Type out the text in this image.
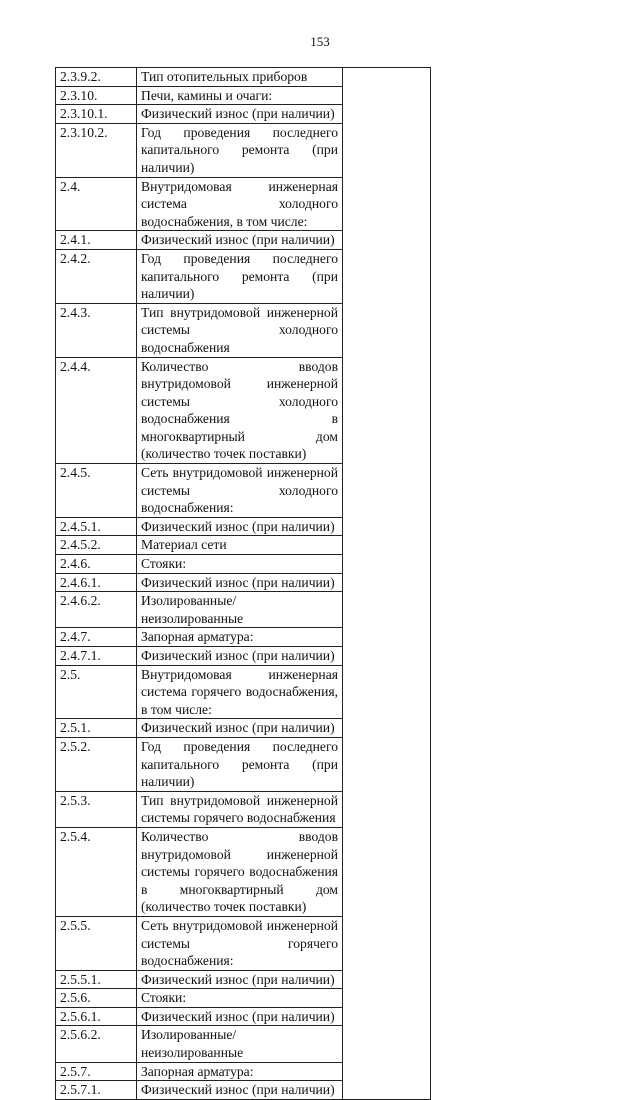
153
2.3.9.2.	Тип отопительных приборов	
2.3.10.	Печи, камины и очаги:	
2.3.10.1.	Физический износ (при наличии)	
2.3.10.2.	Год проведения последнего капитального ремонта (при наличии)	
2.4.	Внутридомовая инженерная система холодного водоснабжения, в том числе:	
2.4.1.	Физический износ (при наличии)	
2.4.2.	Год проведения последнего капитального ремонта (при наличии)	
2.4.3.	Тип внутридомовой инженерной системы холодного водоснабжения	
2.4.4.	Количество вводов внутридомовой инженерной системы холодного водоснабжения в многоквартирный дом (количество точек поставки)	
2.4.5.	Сеть внутридомовой инженерной системы холодного водоснабжения:	
2.4.5.1.	Физический износ (при наличии)	
2.4.5.2.	Материал сети	
2.4.6.	Стояки:	
2.4.6.1.	Физический износ (при наличии)	
2.4.6.2.	Изолированные/неизолированные	
2.4.7.	Запорная арматура:	
2.4.7.1.	Физический износ (при наличии)	
2.5.	Внутридомовая инженерная система горячего водоснабжения, в том числе:	
2.5.1.	Физический износ (при наличии)	
2.5.2.	Год проведения последнего капитального ремонта (при наличии)	
2.5.3.	Тип внутридомовой инженерной системы горячего водоснабжения	
2.5.4.	Количество вводов внутридомовой инженерной системы горячего водоснабжения в многоквартирный дом (количество точек поставки)	
2.5.5.	Сеть внутридомовой инженерной системы горячего водоснабжения:	
2.5.5.1.	Физический износ (при наличии)	
2.5.6.	Стояки:	
2.5.6.1.	Физический износ (при наличии)	
2.5.6.2.	Изолированные/неизолированные	
2.5.7.	Запорная арматура:	
2.5.7.1.	Физический износ (при наличии)	
